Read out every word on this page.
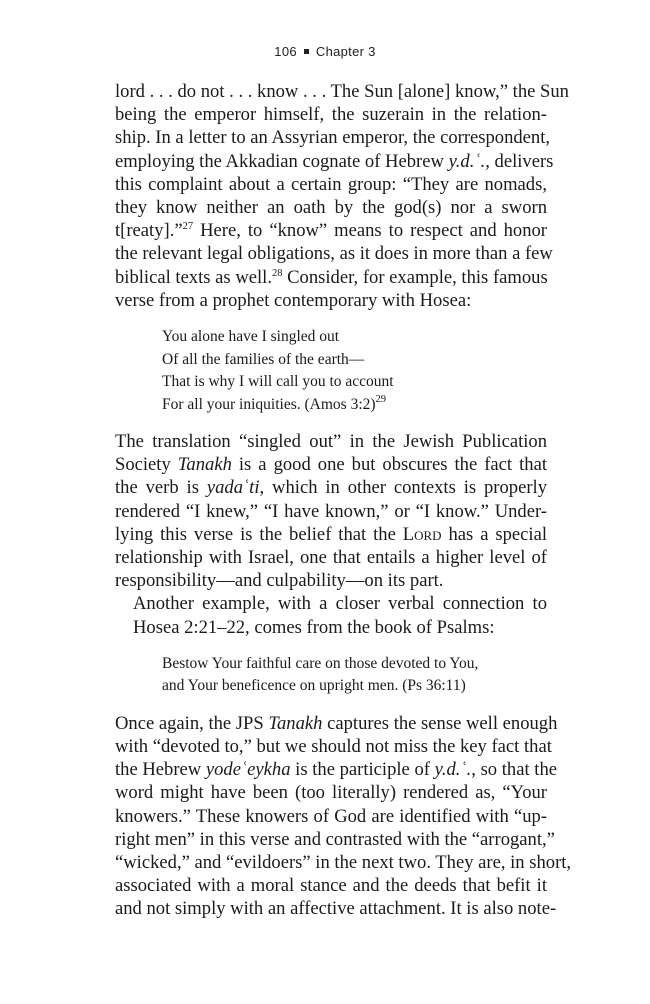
106 Chapter 3

lord . . . do not . . . know . . . The Sun [alone] know,” the Sun
being the emperor himself, the suzerain in the relation-
ship. In a letter to an Assyrian emperor, the correspondent,
employing the Akkadian cognate of Hebrew y.d.ʿ., delivers
this complaint about a certain group: “They are nomads,
they know neither an oath by the god(s) nor a sworn
t[reaty].”$^{27}$ Here, to “know” means to respect and honor
the relevant legal obligations, as it does in more than a few
biblical texts as well.$^{28}$ Consider, for example, this famous
verse from a prophet contemporary with Hosea:

You alone have I singled out
Of all the families of the earth—
That is why I will call you to account
For all your iniquities. (Amos 3:2)$^{29}$

The translation “singled out” in the Jewish Publication
Society Tanakh is a good one but obscures the fact that
the verb is yadaʿti, which in other contexts is properly
rendered “I knew,” “I have known,” or “I know.” Under-
lying this verse is the belief that the Lord has a special
relationship with Israel, one that entails a higher level of
responsibility—and culpability—on its part.

Another example, with a closer verbal connection to
Hosea 2:21–22, comes from the book of Psalms:

Bestow Your faithful care on those devoted to You,
and Your beneficence on upright men. (Ps 36:11)

Once again, the JPS Tanakh captures the sense well enough
with “devoted to,” but we should not miss the key fact that
the Hebrew yodeʿeykha is the participle of y.d.ʿ., so that the
word might have been (too literally) rendered as, “Your
knowers.” These knowers of God are identified with “up-
right men” in this verse and contrasted with the “arrogant,”
“wicked,” and “evildoers” in the next two. They are, in short,
associated with a moral stance and the deeds that befit it
and not simply with an affective attachment. It is also note-
